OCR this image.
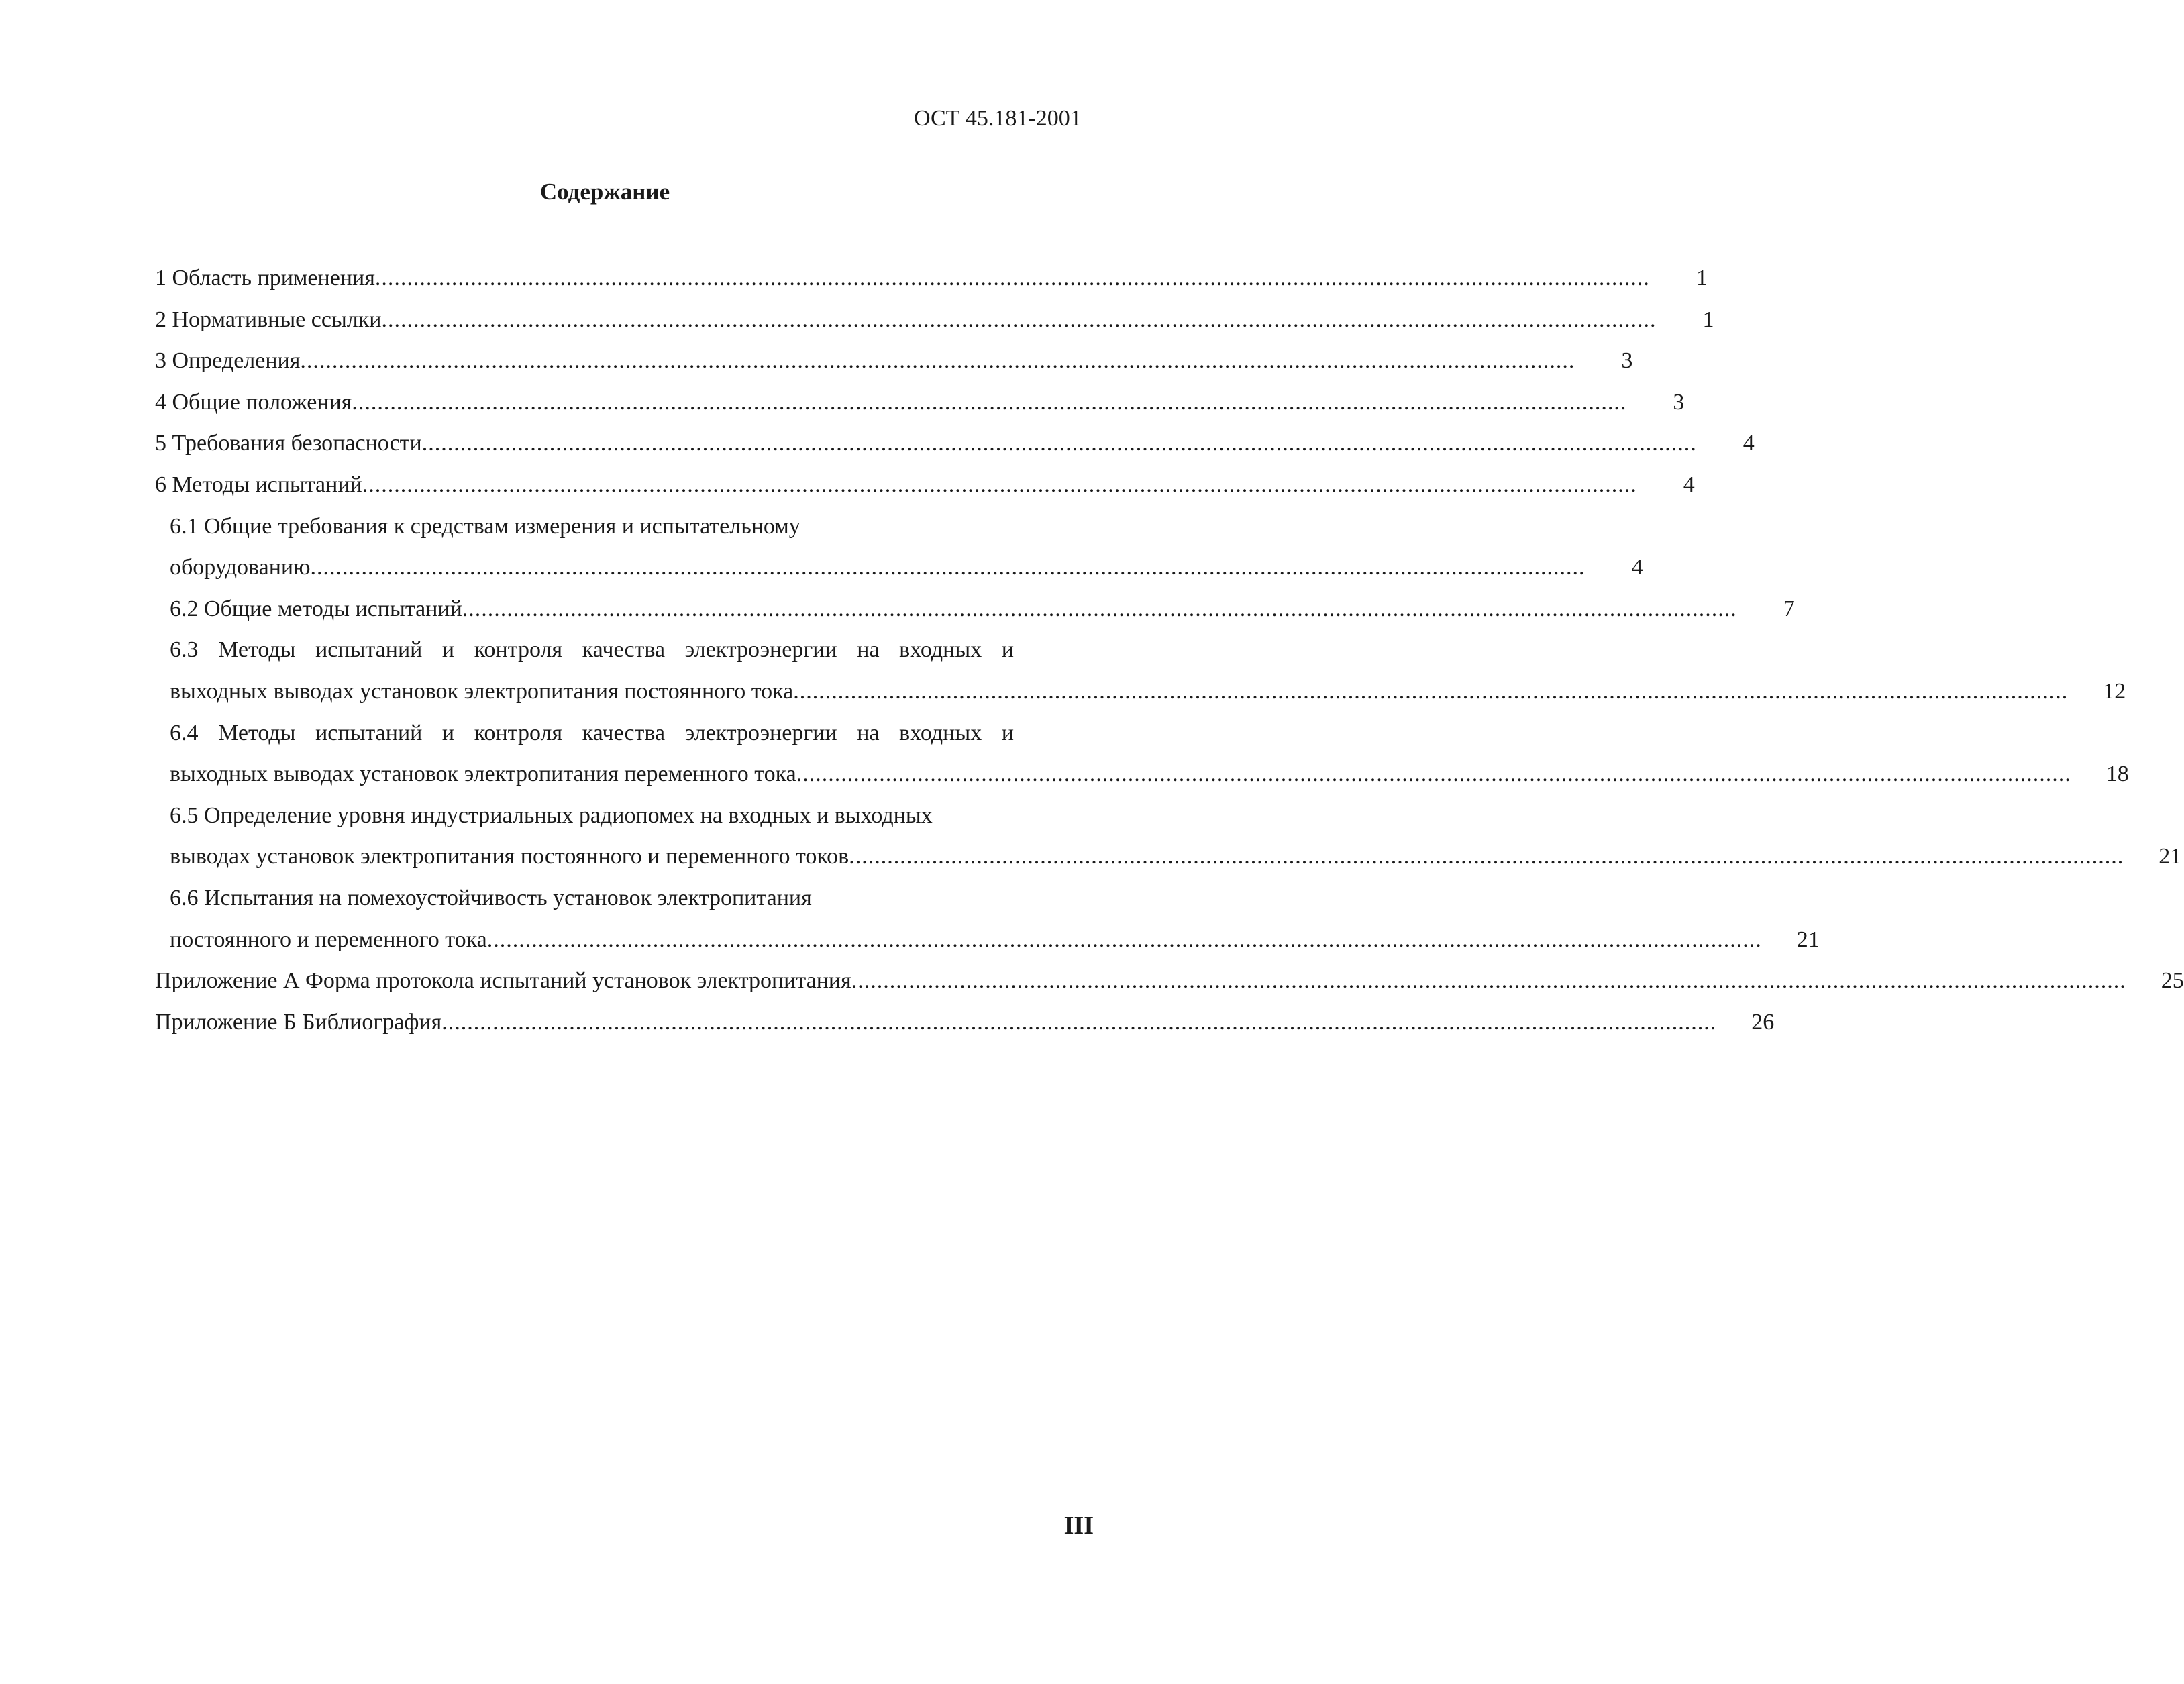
ОСТ 45.181-2001
Содержание
1 Область применения ........................................................................................................................................................................................................	1
2 Нормативные ссылки ........................................................................................................................................................................................................	1
3 Определения ........................................................................................................................................................................................................	3
4 Общие положения ........................................................................................................................................................................................................	3
5 Требования безопасности ........................................................................................................................................................................................................	4
6 Методы испытаний ........................................................................................................................................................................................................	4
6.1 Общие требования к средствам измерения и испытательному
оборудованию ........................................................................................................................................................................................................	4
6.2 Общие методы испытаний ........................................................................................................................................................................................................	7
6.3 Методы испытаний и контроля качества электроэнергии на входных и
выходных выводах установок электропитания постоянного тока ........................................................................................................................................................................................................	12
6.4 Методы испытаний и контроля качества электроэнергии на входных и
выходных выводах установок электропитания переменного тока ........................................................................................................................................................................................................	18
6.5 Определение уровня индустриальных радиопомех на входных и выходных
выводах установок электропитания постоянного и переменного токов ........................................................................................................................................................................................................	21
6.6 Испытания на помехоустойчивость установок электропитания
постоянного и переменного тока ........................................................................................................................................................................................................	21
Приложение А Форма протокола испытаний установок электропитания ........................................................................................................................................................................................................	25
Приложение Б Библиография ........................................................................................................................................................................................................	26
III
